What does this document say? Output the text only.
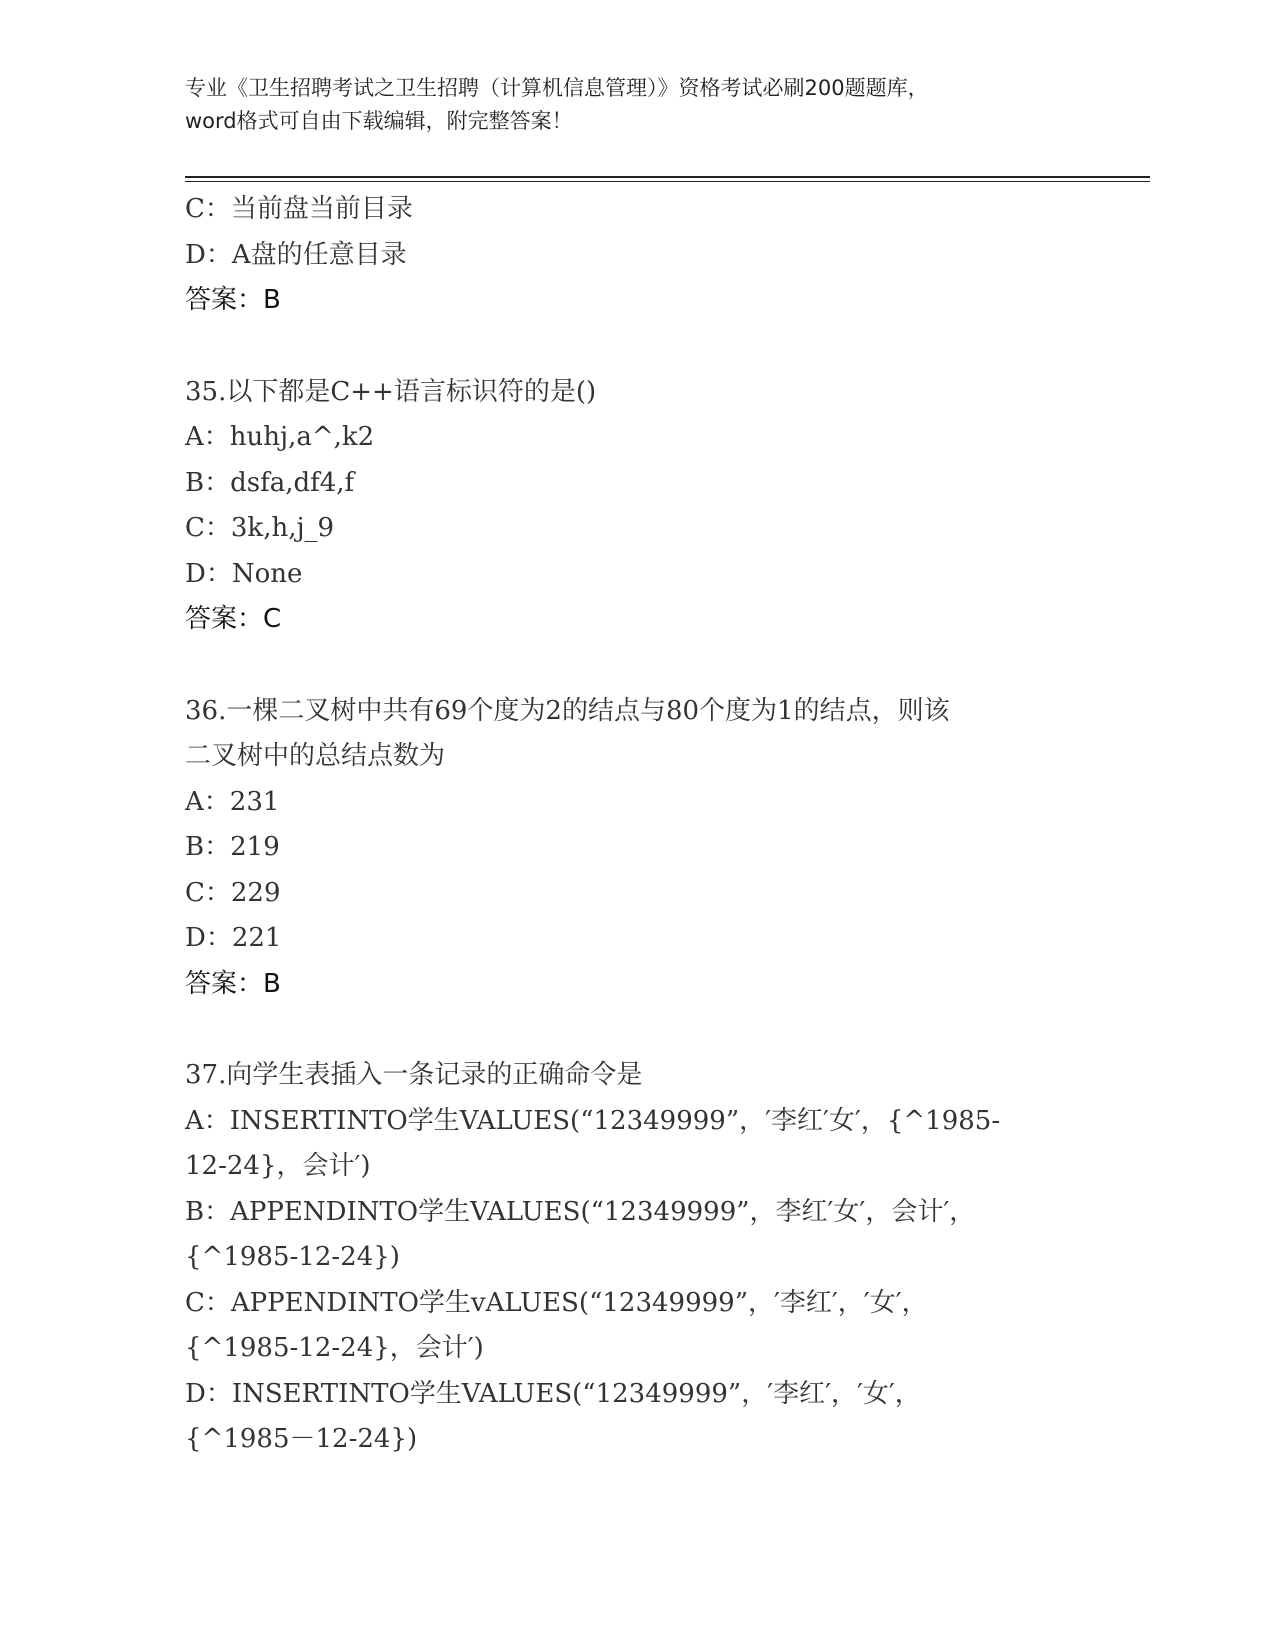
专业《卫生招聘考试之卫生招聘（计算机信息管理）》资格考试必刷200题题库，
word格式可自由下载编辑，附完整答案！
C：当前盘当前目录
D：A盘的任意目录
答案：B
35.以下都是C++语言标识符的是()
A：huhj,a^,k2
B：dsfa,df4,f
C：3k,h,j_9
D：None
答案：C
36.一棵二叉树中共有69个度为2的结点与80个度为1的结点，则该
二叉树中的总结点数为
A：231
B：219
C：229
D：221
答案：B
37.向学生表插入一条记录的正确命令是
A：INSERTINTO学生VALUES(“12349999”，′李红′女′，{^1985-
12-24}，会计′)
B：APPENDINTO学生VALUES(“12349999”，李红′女′，会计′，
{^1985-12-24})
C：APPENDINTO学生vALUES(“12349999”，′李红′，′女′，
{^1985-12-24}，会计′)
D：INSERTINTO学生VALUES(“12349999”，′李红′，′女′，
{^1985－12-24})
